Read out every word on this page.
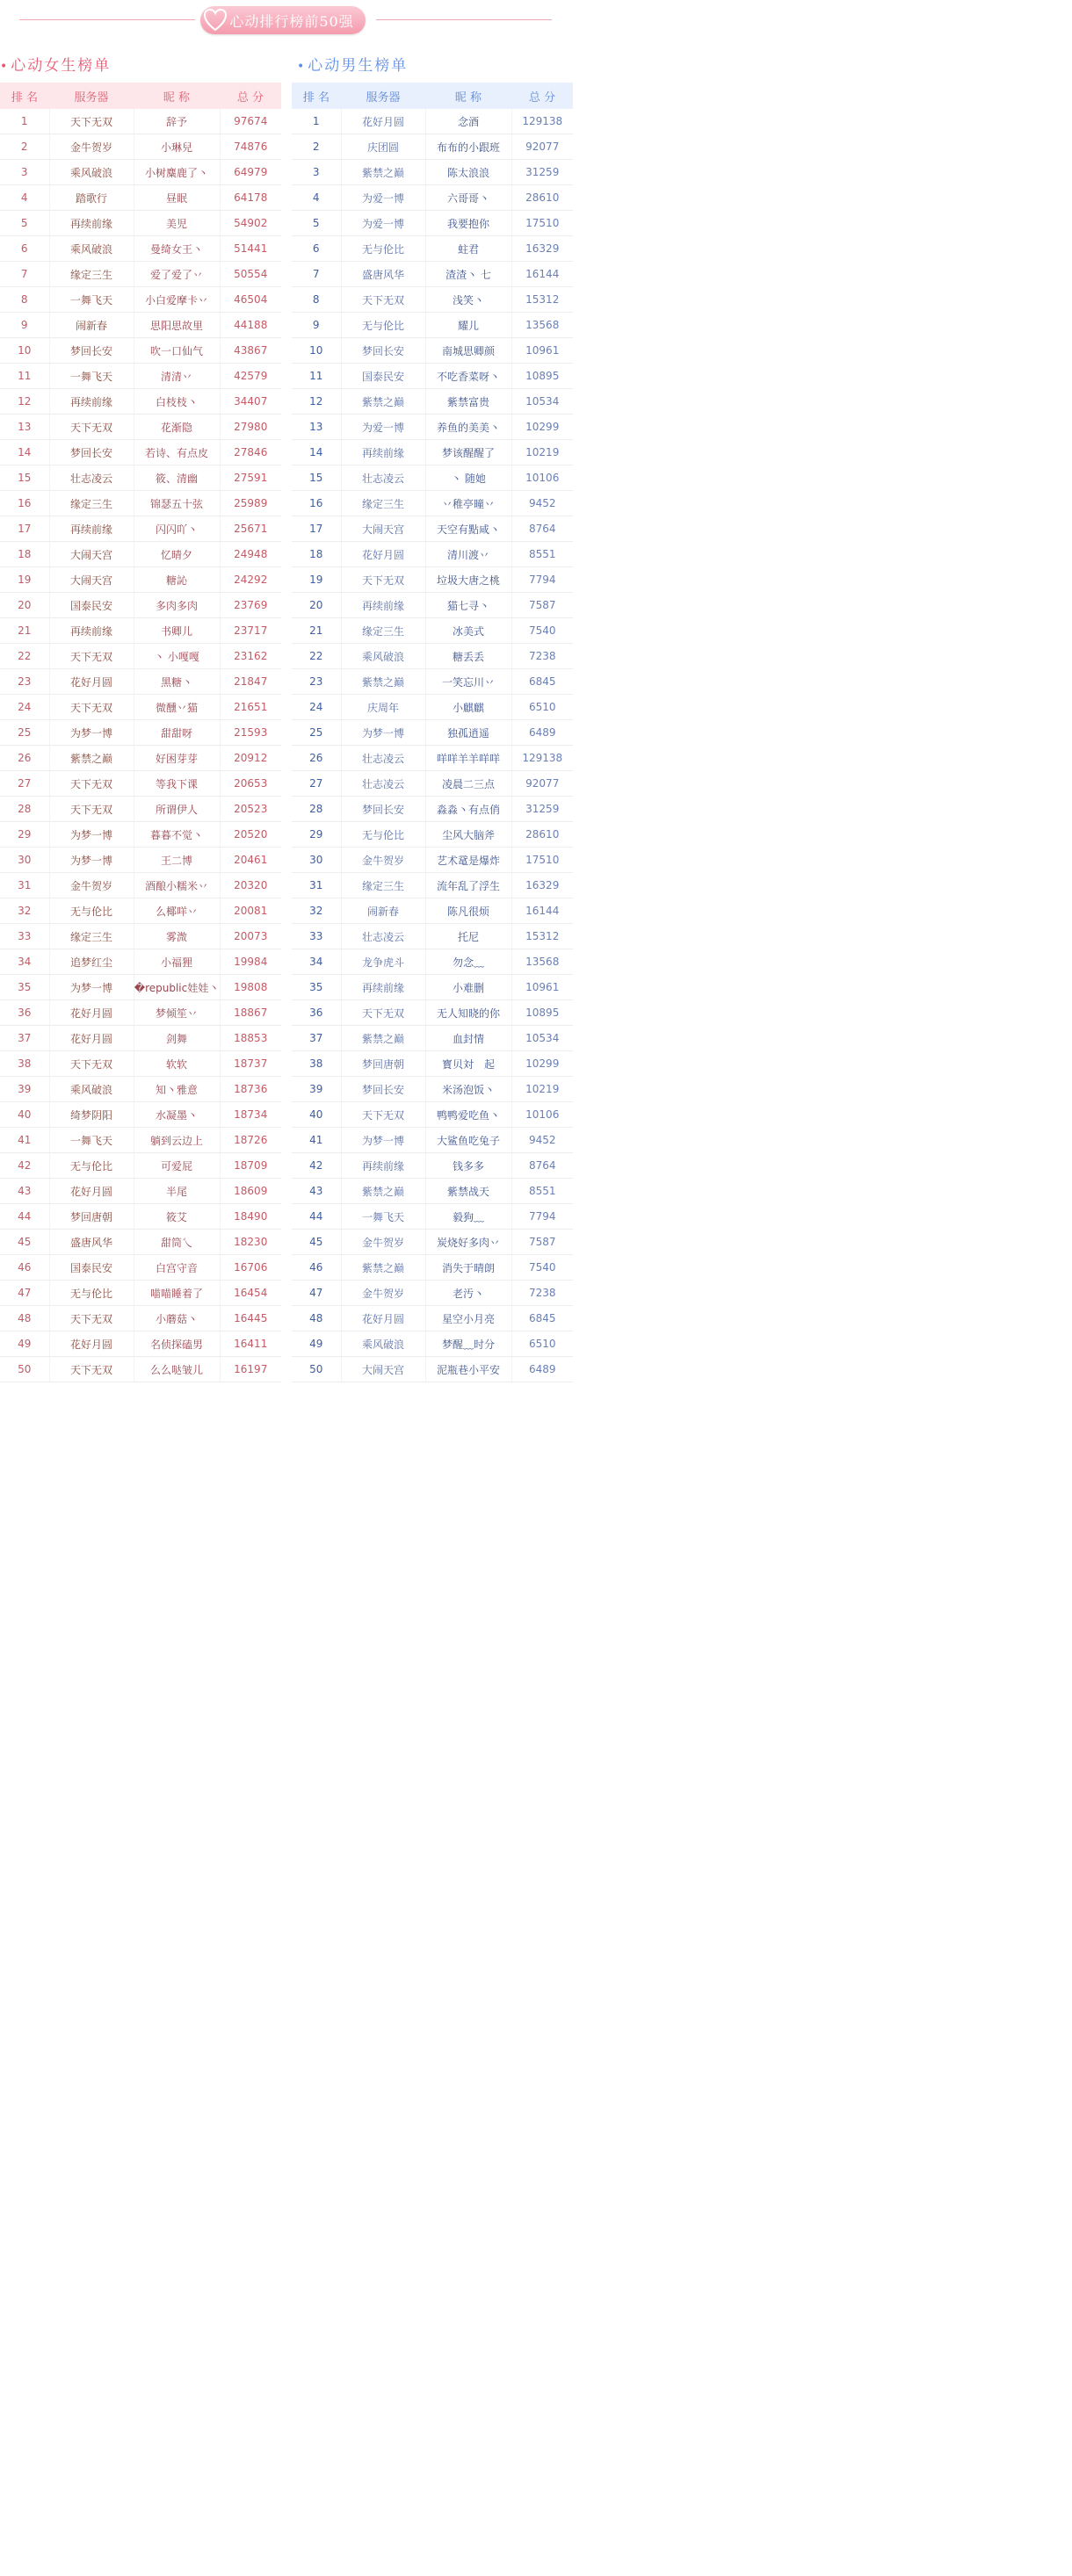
心动排行榜前50强
• 心动女生榜单	• 心动男生榜单
排 名	服务器	昵 称	总 分
1	天下无双	辞予	97674
2	金牛贺岁	小琳兒	74876
3	乘风破浪	小树麋鹿了丶	64979
4	踏歌行	昼眠	64178
5	再续前缘	美児	54902
6	乘风破浪	曼绮女王丶	51441
7	缘定三生	爱了爱了丷	50554
8	一舞飞天	小白爱摩卡丷	46504
9	闹新春	思阳思故里	44188
10	梦回长安	吹一口仙气	43867
11	一舞飞天	清清丷	42579
12	再续前缘	白枝枝丶	34407
13	天下无双	花渐隐	27980
14	梦回长安	若诗、有点皮	27846
15	壮志凌云	筱、清幽	27591
16	缘定三生	锦瑟五十弦	25989
17	再续前缘	闪闪吖丶	25671
18	大闹天宫	忆晴夕	24948
19	大闹天宫	糖訫	24292
20	国泰民安	多肉多肉	23769
21	再续前缘	书卿儿	23717
22	天下无双	丶 小嘎嘎	23162
23	花好月圆	黑糖丶	21847
24	天下无双	微醺丷猫	21651
25	为梦一博	甜甜呀	21593
26	紫禁之巅	好困芽芽	20912
27	天下无双	等我下课	20653
28	天下无双	所谓伊人	20523
29	为梦一博	暮暮不觉丶	20520
30	为梦一博	王二博	20461
31	金牛贺岁	酒酿小糯米丷	20320
32	无与伦比	么椰咩丷	20081
33	缘定三生	雾溦	20073
34	追梦红尘	小福狸	19984
35	为梦一博	�republic娃娃丶	19808
36	花好月圆	梦倾笙丷	18867
37	花好月圆	剑舞	18853
38	天下无双	软软	18737
39	乘风破浪	知丶雅意	18736
40	绮梦阴阳	水凝墨丶	18734
41	一舞飞天	躺到云边上	18726
42	无与伦比	可爱屁	18709
43	花好月圆	半尾	18609
44	梦回唐朝	筱艾	18490
45	盛唐风华	甜筒乀	18230
46	国泰民安	白宫守音	16706
47	无与伦比	喵喵睡着了	16454
48	天下无双	小蘑菇丶	16445
49	花好月圆	名侦探磕男	16411
50	天下无双	么么哒皱儿	16197
排 名	服务器	昵 称	总 分
1	花好月圆	念酒	129138
2	庆团圆	布布的小跟班	92077
3	紫禁之巅	陈太浪浪	31259
4	为爱一博	六哥哥丶	28610
5	为爱一博	我要抱你	17510
6	无与伦比	蛀君	16329
7	盛唐风华	渣渣丶 七	16144
8	天下无双	浅笑丶	15312
9	无与伦比	耀儿	13568
10	梦回长安	南城思卿颜	10961
11	国泰民安	不吃香菜呀丶	10895
12	紫禁之巅	紫禁富贵	10534
13	为爱一博	养鱼的美美丶	10299
14	再续前缘	梦该醒醒了	10219
15	壮志凌云	丶 随她	10106
16	缘定三生	丷稚亭曈丷	9452
17	大闹天宫	天空有點咸丶	8764
18	花好月圆	清川渡丷	8551
19	天下无双	垃圾大唐之桃	7794
20	再续前缘	猫七寻丶	7587
21	缘定三生	冰美式	7540
22	乘风破浪	糖丢丢	7238
23	紫禁之巅	一笑忘川丷	6845
24	庆周年	小麒麒	6510
25	为梦一博	独孤逍遥	6489
26	壮志凌云	咩咩羊羊咩咩	129138
27	壮志凌云	凌晨二三点	92077
28	梦回长安	淼淼丶有点俏	31259
29	无与伦比	尘风大脑斧	28610
30	金牛贺岁	艺术鼋是爆炸	17510
31	缘定三生	流年乱了浮生	16329
32	闹新春	陈凡很烦	16144
33	壮志凌云	托尼	15312
34	龙争虎斗	勿念﹏	13568
35	再续前缘	小难删	10961
36	天下无双	无人知晓的你	10895
37	紫禁之巅	血封情	10534
38	梦回唐朝	寳贝対　起	10299
39	梦回长安	米汤泡饭丶	10219
40	天下无双	鸭鸭爱吃鱼丶	10106
41	为梦一博	大鲨鱼吃兔子	9452
42	再续前缘	钱多多	8764
43	紫禁之巅	紫禁战天	8551
44	一舞飞天	毅狗﹏	7794
45	金牛贺岁	炭烧好多肉丷	7587
46	紫禁之巅	消失于晴朗	7540
47	金牛贺岁	老汚丶	7238
48	花好月圆	星空小月亮	6845
49	乘风破浪	梦醒﹏时分	6510
50	大闹天宫	泥瓶巷小平安	6489
